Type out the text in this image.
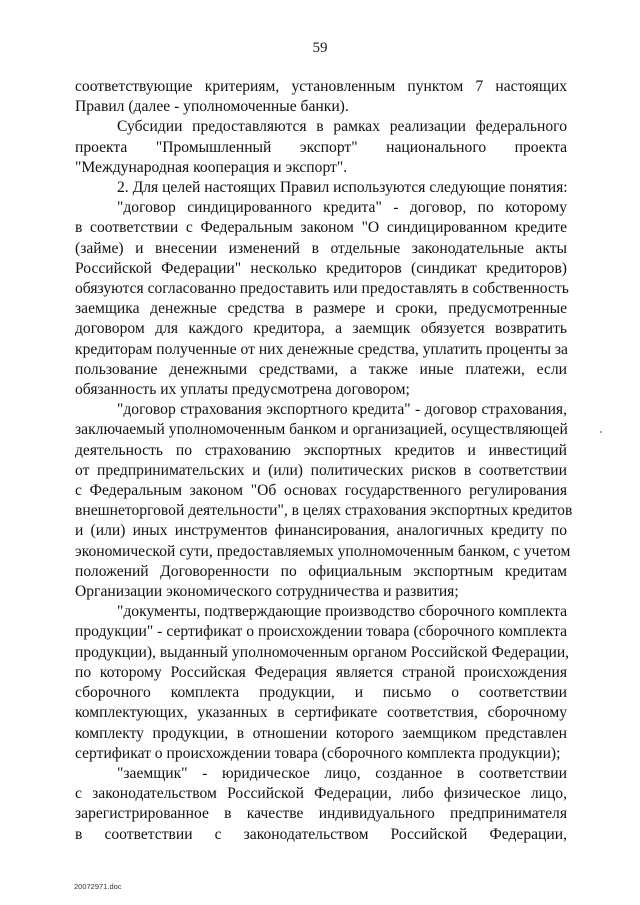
59
соответствующие критериям, установленным пунктом 7 настоящих
Правил (далее - уполномоченные банки).
Субсидии предоставляются в рамках реализации федерального
проекта "Промышленный экспорт" национального проекта
"Международная кооперация и экспорт".
2. Для целей настоящих Правил используются следующие понятия:
"договор синдицированного кредита" - договор, по которому
в соответствии с Федеральным законом "О синдицированном кредите
(займе) и внесении изменений в отдельные законодательные акты
Российской Федерации" несколько кредиторов (синдикат кредиторов)
обязуются согласованно предоставить или предоставлять в собственность
заемщика денежные средства в размере и сроки, предусмотренные
договором для каждого кредитора, а заемщик обязуется возвратить
кредиторам полученные от них денежные средства, уплатить проценты за
пользование денежными средствами, а также иные платежи, если
обязанность их уплаты предусмотрена договором;
"договор страхования экспортного кредита" - договор страхования,
заключаемый уполномоченным банком и организацией, осуществляющей
деятельность по страхованию экспортных кредитов и инвестиций
от предпринимательских и (или) политических рисков в соответствии
с Федеральным законом "Об основах государственного регулирования
внешнеторговой деятельности", в целях страхования экспортных кредитов
и (или) иных инструментов финансирования, аналогичных кредиту по
экономической сути, предоставляемых уполномоченным банком, с учетом
положений Договоренности по официальным экспортным кредитам
Организации экономического сотрудничества и развития;
"документы, подтверждающие производство сборочного комплекта
продукции" - сертификат о происхождении товара (сборочного комплекта
продукции), выданный уполномоченным органом Российской Федерации,
по которому Российская Федерация является страной происхождения
сборочного комплекта продукции, и письмо о соответствии
комплектующих, указанных в сертификате соответствия, сборочному
комплекту продукции, в отношении которого заемщиком представлен
сертификат о происхождении товара (сборочного комплекта продукции);
"заемщик" - юридическое лицо, созданное в соответствии
с законодательством Российской Федерации, либо физическое лицо,
зарегистрированное в качестве индивидуального предпринимателя
в соответствии с законодательством Российской Федерации,
20072971.doc
